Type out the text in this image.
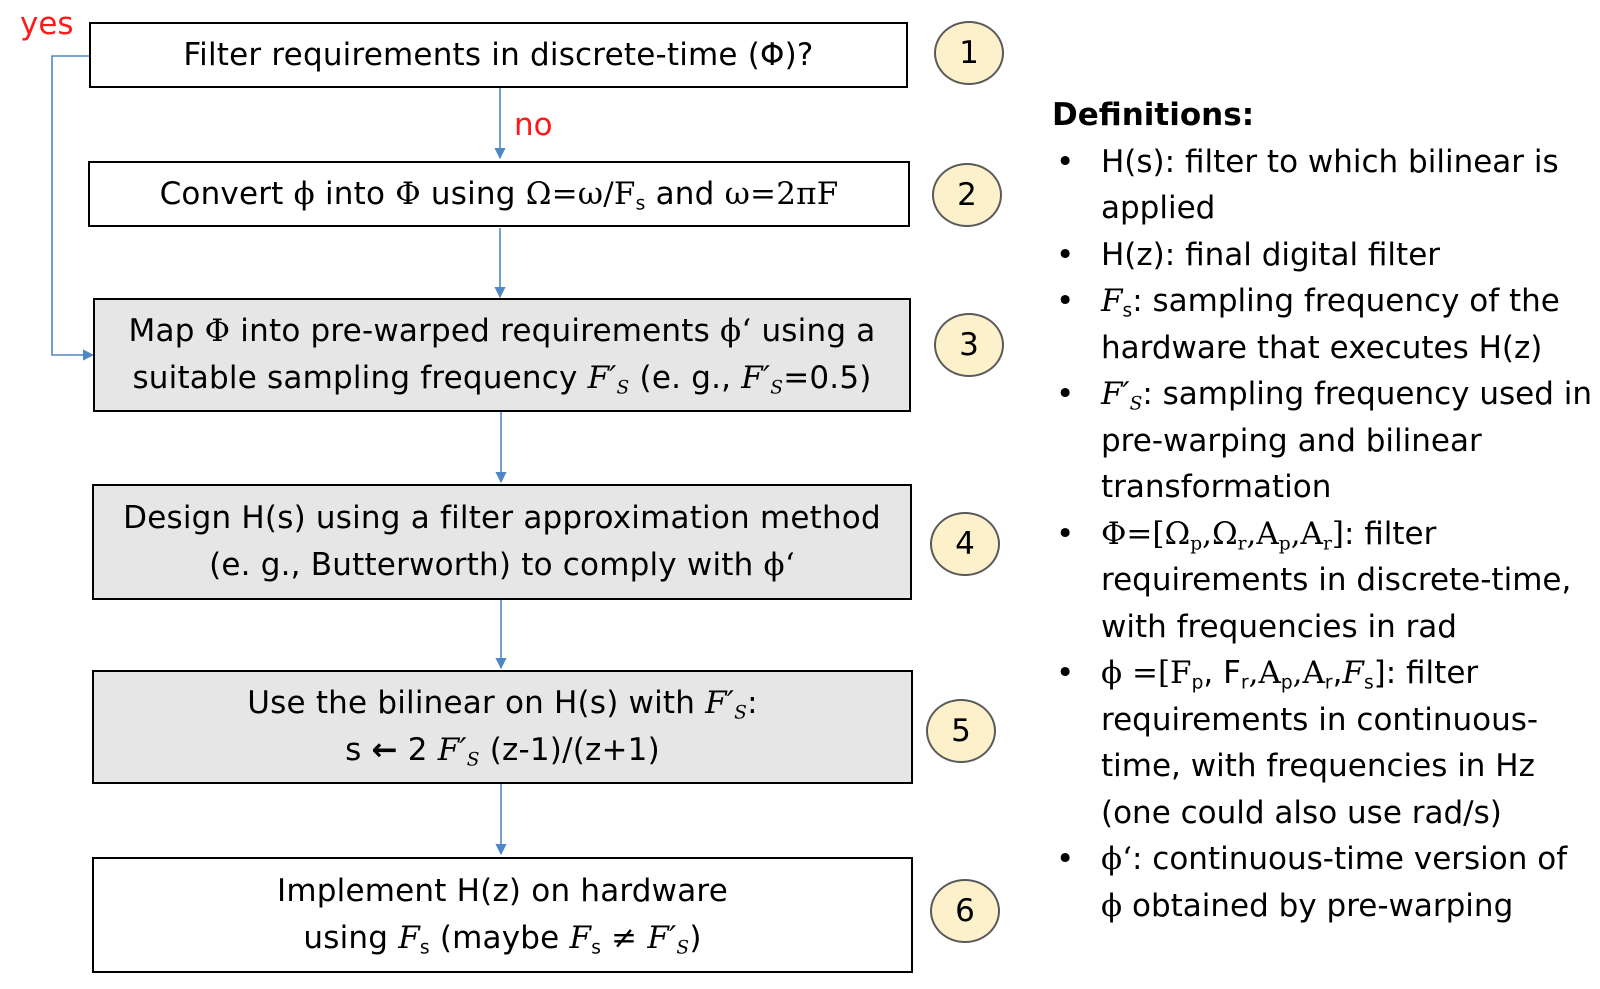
yes
no
Filter requirements in discrete-time (Φ)?
Convert ϕ into Φ using $\Omega=\omega/F_s$ and ω=2πF
Map Φ into pre-warped requirements ϕ‘ using a
suitable sampling frequency $F'_S$ (e. g., $F'_S=0.5$)
Design H(s) using a filter approximation method
(e. g., Butterworth) to comply with ϕ‘
Use the bilinear on H(s) with $F'_S$:
s ← 2 $F'_S$ (z-1)/(z+1)
Implement H(z) on hardware
using $F_s$ (maybe $F_s \ne F'_S$)
1
2
3
4
5
6
Definitions:
• H(s): filter to which bilinear is applied
• H(z): final digital filter
• $F_s$: sampling frequency of the hardware that executes H(z)
• $F'_S$: sampling frequency used in pre-warping and bilinear transformation
• $\Phi=[\Omega_p,\Omega_r,A_p,A_r]$: filter requirements in discrete-time, with frequencies in rad
• $\phi =[F_p$, $F_r,A_p,A_r,F_s$]: filter requirements in continuous-time, with frequencies in Hz (one could also use rad/s)
• ϕ‘: continuous-time version of ϕ obtained by pre-warping
